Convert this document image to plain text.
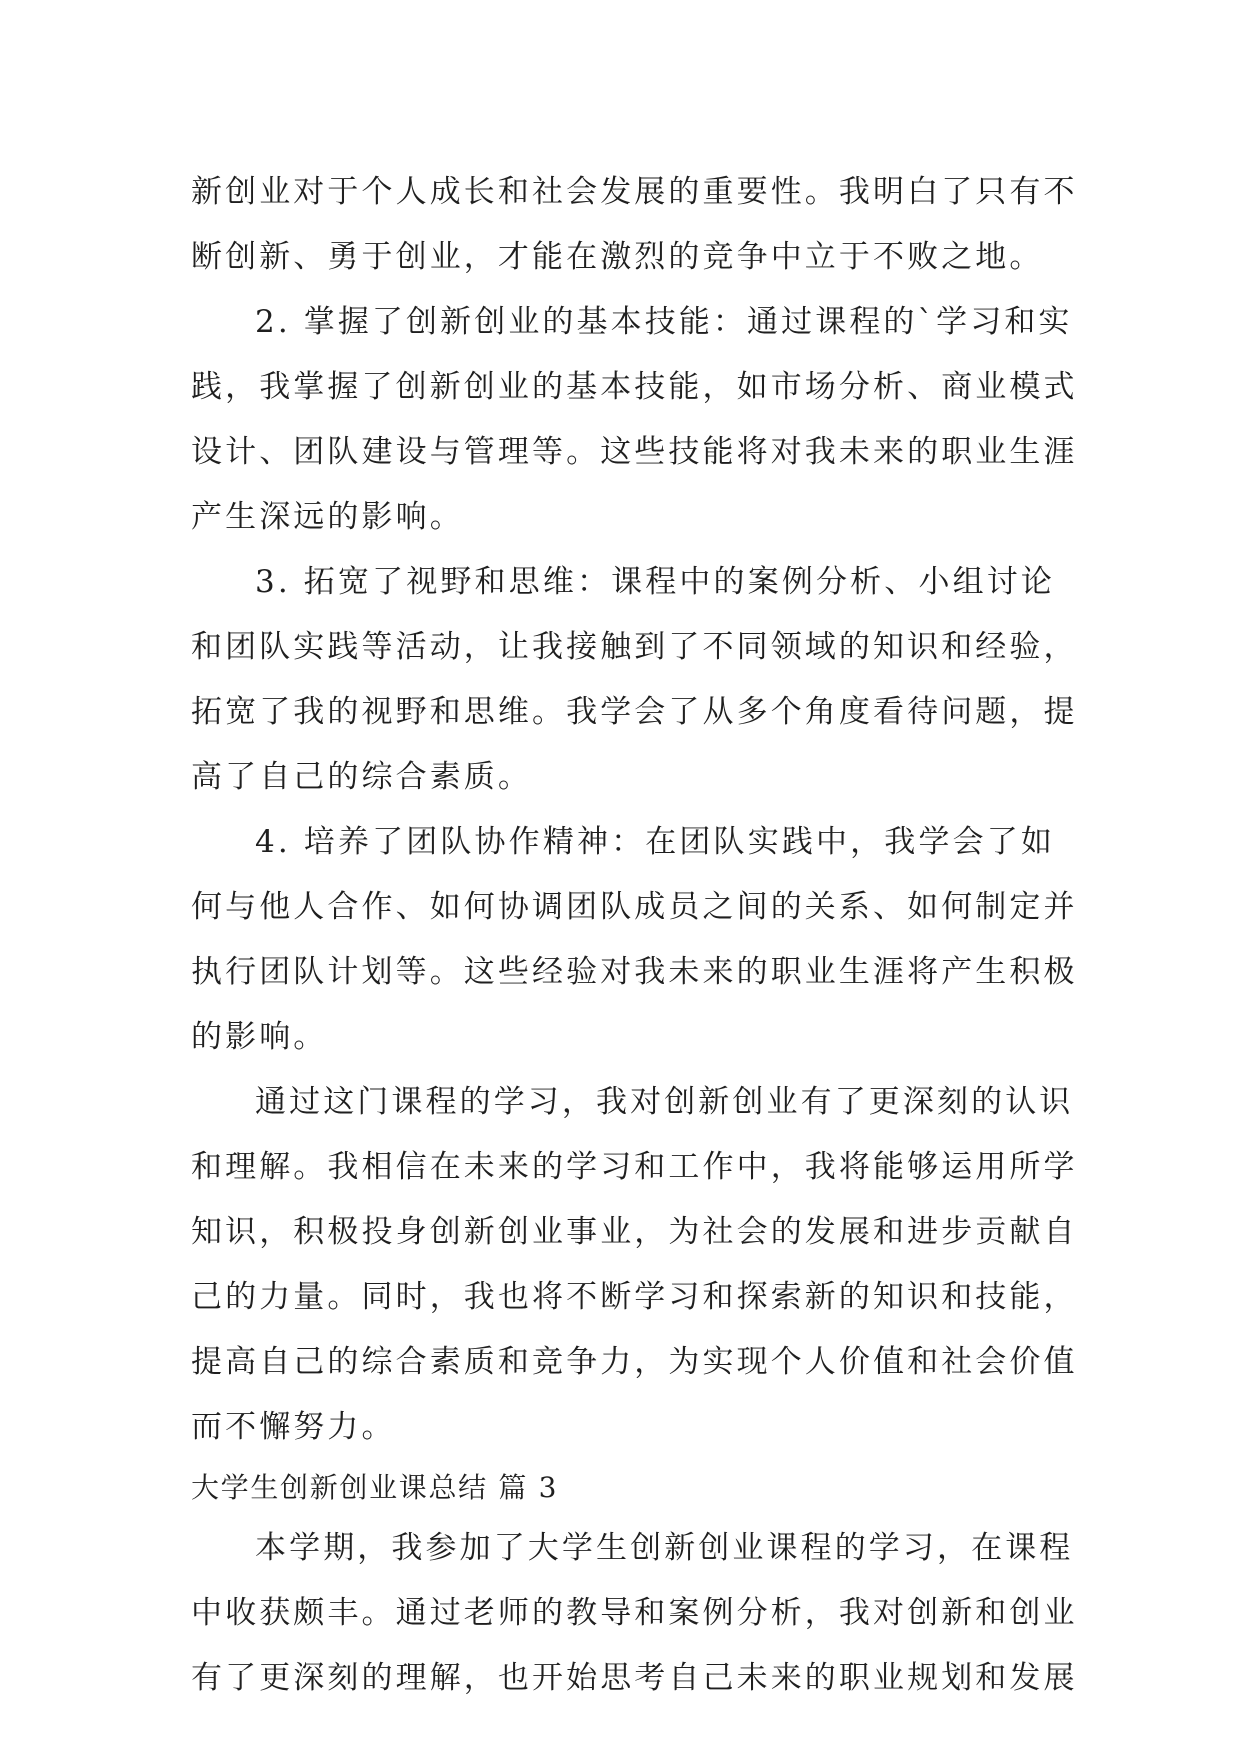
新创业对于个人成长和社会发展的重要性。我明白了只有不
断创新、勇于创业，才能在激烈的竞争中立于不败之地。
2. 掌握了创新创业的基本技能：通过课程的`学习和实
践，我掌握了创新创业的基本技能，如市场分析、商业模式
设计、团队建设与管理等。这些技能将对我未来的职业生涯
产生深远的影响。
3. 拓宽了视野和思维：课程中的案例分析、小组讨论
和团队实践等活动，让我接触到了不同领域的知识和经验，
拓宽了我的视野和思维。我学会了从多个角度看待问题，提
高了自己的综合素质。
4. 培养了团队协作精神：在团队实践中，我学会了如
何与他人合作、如何协调团队成员之间的关系、如何制定并
执行团队计划等。这些经验对我未来的职业生涯将产生积极
的影响。
通过这门课程的学习，我对创新创业有了更深刻的认识
和理解。我相信在未来的学习和工作中，我将能够运用所学
知识，积极投身创新创业事业，为社会的发展和进步贡献自
己的力量。同时，我也将不断学习和探索新的知识和技能，
提高自己的综合素质和竞争力，为实现个人价值和社会价值
而不懈努力。
大学生创新创业课总结 篇 3
本学期，我参加了大学生创新创业课程的学习，在课程
中收获颇丰。通过老师的教导和案例分析，我对创新和创业
有了更深刻的理解，也开始思考自己未来的职业规划和发展
